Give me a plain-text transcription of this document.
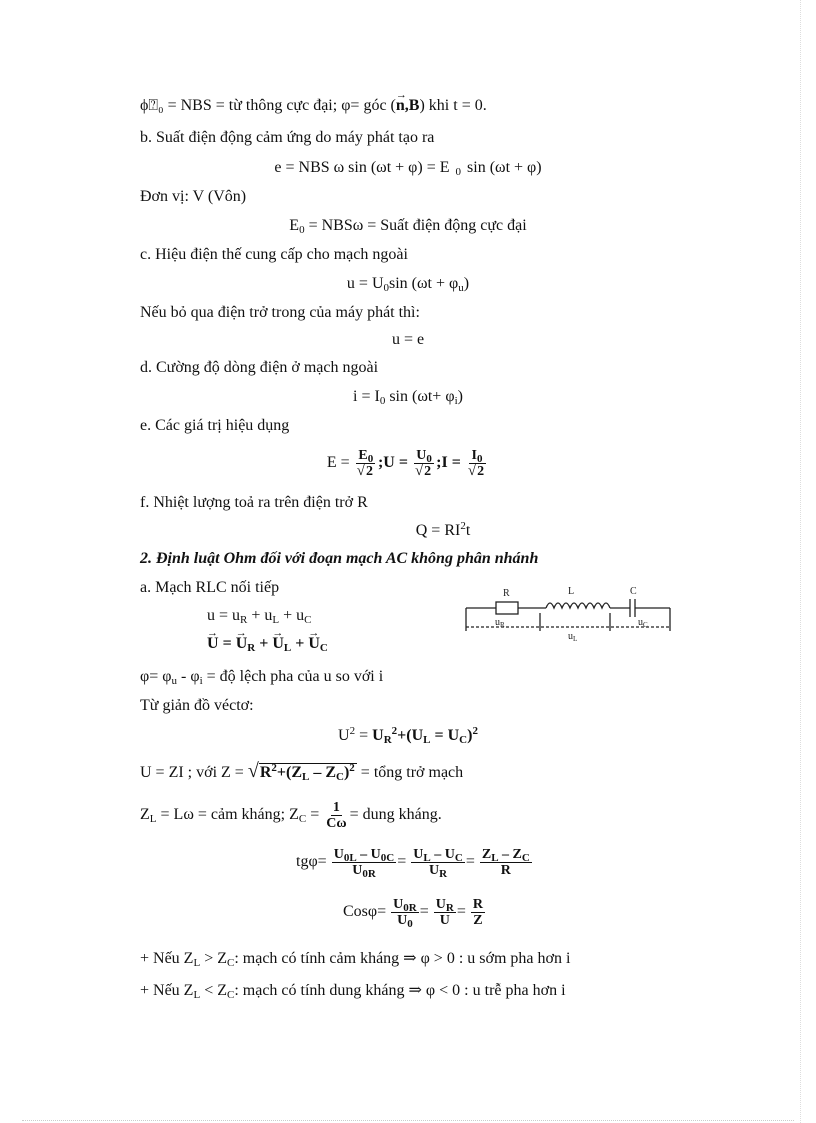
ϕ⍰₀ = NBS = từ thông cực đại; φ= góc (→ n,B) khi t = 0.
b. Suất điện động cảm ứng do máy phát tạo ra
e = NBS ω sin (ωt + φ) = E $_0$ sin (ωt + φ)
Đơn vị: V (Vôn)
$E_0 = NBS\omega$ = Suất điện động cực đại
c. Hiệu điện thế cung cấp cho mạch ngoài
$u = U_0\sin$ $(\omega t + \varphi_u)$
Nếu bỏ qua điện trở trong của máy phát thì:
u = e
d. Cường độ dòng điện ở mạch ngoài
$i = I_0$ $\sin (\omega t+ \varphi_i)$
e. Các giá trị hiệu dụng
$E = \frac{E_0}{√2}$ ;U = $\frac{U_0}{√2}$ ;I = $\frac{I_0}{√2}$
f. Nhiệt lượng toả ra trên điện trở R
$Q = RI^2t$
2. Định luật Ohm đối với đoạn mạch AC không phân nhánh
a. Mạch RLC nối tiếp
$u = u_R + u_L + u_C$
→ U = → $U_R$ + → $U_L$ + → $U_C$
R	L	C
$u_R$
$u_L$
$u_C$
$\varphi= \varphi_u - \varphi_i$ = độ lệch pha của u so với i
Từ giản đồ véctơ:
$U^2 = U_R^2+(U_L = U_C)^2$
U = ZI ; với $Z = √R^2+(Z_L - Z_C)^2$ = tổng trở mạch
$Z_L = L\omega$ = cảm kháng; $Z_C = \frac{1}{C\omega}$ = dung kháng.
$tg\varphi= \frac{U_{0L} - U_{0C}}{U_{0R}} = \frac{U_L - U_C}{U_R} = \frac{Z_L - Z_C}{R}$
$Cos\varphi= \frac{U_{0R}}{U_0} = \frac{U_R}{U} = \frac{R}{Z}$
+ Nếu $Z_L > Z_C$: mạch có tính cảm kháng ⇒ φ > 0 : u sớm pha hơn i
+ Nếu $Z_L < Z_C$: mạch có tính dung kháng ⇒ φ < 0 : u trễ pha hơn i
